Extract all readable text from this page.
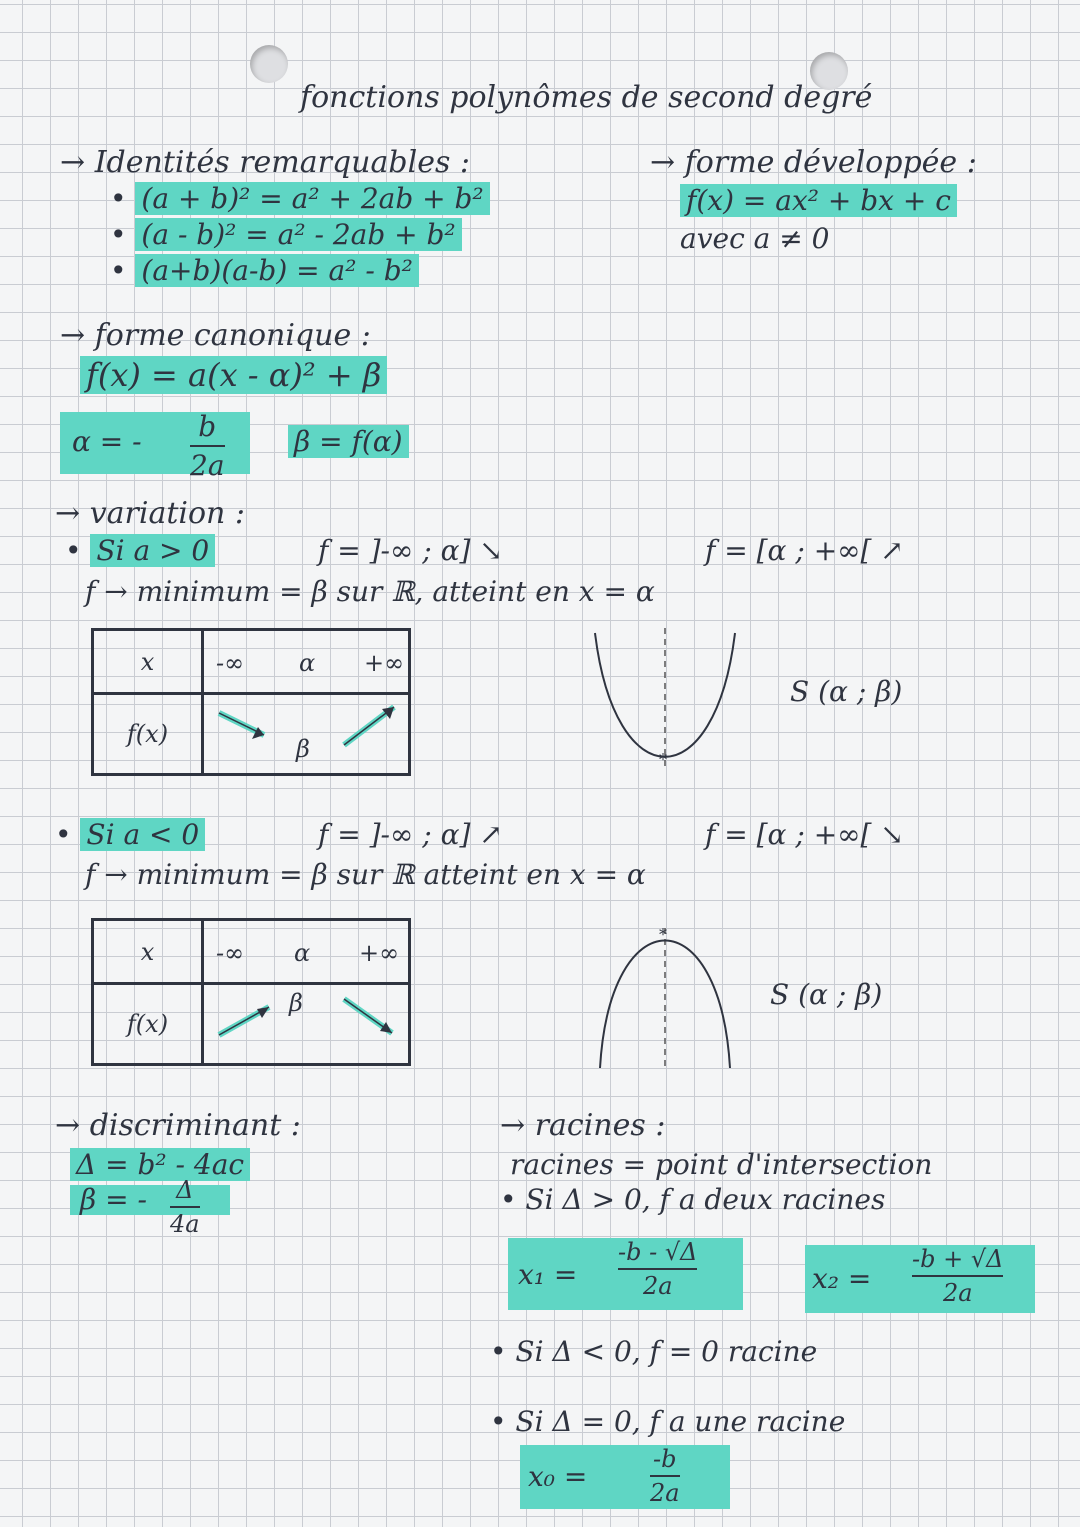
fonctions polynômes de second degré
→ Identités remarquables :
• (a + b)² = a² + 2ab + b²
• (a - b)² = a² - 2ab + b²
• (a+b)(a-b) = a² - b²
→ forme développée :
f(x) = ax² + bx + c
avec a ≠ 0
→ forme canonique :
f(x) = a(x - α)² + β
α = - b
2a
β = f(α)
→ variation :
• Si a > 0	f = ]-∞ ; α] ↘	f = [α ; +∞[ ↗
f → minimum = β sur ℝ, atteint en x = α
x	-∞ α +∞

f(x)	β	*
S (α ; β)
• Si a < 0	f = ]-∞ ; α] ↗	f = [α ; +∞[ ↘
f → minimum = β sur ℝ atteint en x = α
x	-∞ α +∞

f(x)	β
*
S (α ; β)
→ discriminant :
Δ = b² - 4ac
β = - Δ
4a
→ racines :
racines = point d'intersection
• Si Δ > 0, f a deux racines
x₁ =
-b - √Δ
2a	x₂ =
-b + √Δ
2a
• Si Δ < 0, f = 0 racine
• Si Δ = 0, f a une racine
x₀ =
-b
2a
